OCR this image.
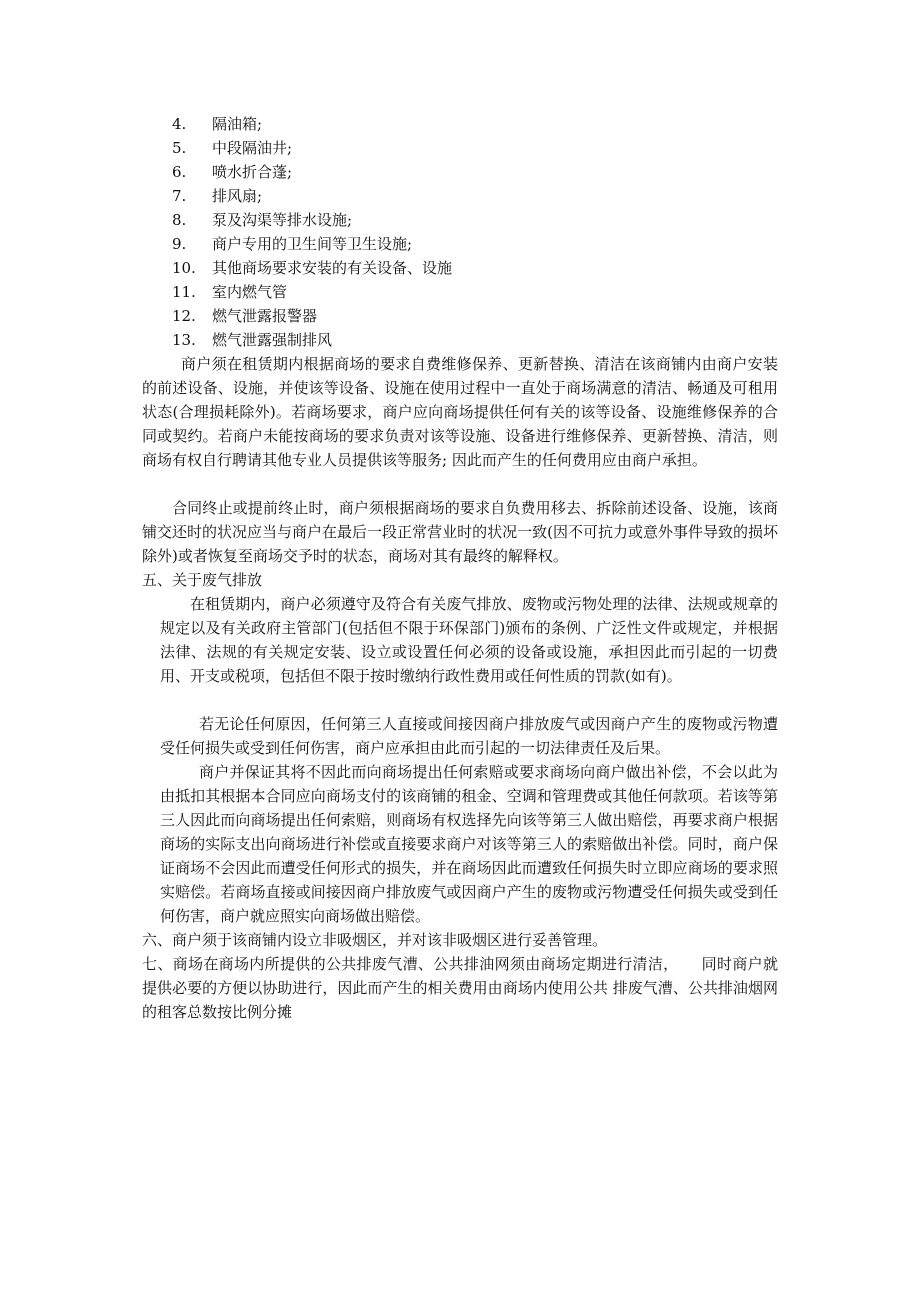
4. 隔油箱;
5. 中段隔油井;
6. 喷水折合蓬;
7. 排风扇;
8. 泵及沟渠等排水设施;
9. 商户专用的卫生间等卫生设施;
10. 其他商场要求安装的有关设备、设施
11. 室内燃气管
12. 燃气泄露报警器
13. 燃气泄露强制排风

商户须在租赁期内根据商场的要求自费维修保养、更新替换、清洁在该商铺内由商户安装的前述设备、设施，并使该等设备、设施在使用过程中一直处于商场满意的清洁、畅通及可租用状态(合理损耗除外)。若商场要求，商户应向商场提供任何有关的该等设备、设施维修保养的合同或契约。若商户未能按商场的要求负责对该等设施、设备进行维修保养、更新替换、清洁，则商场有权自行聘请其他专业人员提供该等服务; 因此而产生的任何费用应由商户承担。

合同终止或提前终止时，商户须根据商场的要求自负费用移去、拆除前述设备、设施，该商铺交还时的状况应当与商户在最后一段正常营业时的状况一致(因不可抗力或意外事件导致的损坏除外)或者恢复至商场交予时的状态，商场对其有最终的解释权。

五、关于废气排放

在租赁期内，商户必须遵守及符合有关废气排放、废物或污物处理的法律、法规或规章的规定以及有关政府主管部门(包括但不限于环保部门)颁布的条例、广泛性文件或规定，并根据法律、法规的有关规定安装、设立或设置任何必须的设备或设施，承担因此而引起的一切费用、开支或税项，包括但不限于按时缴纳行政性费用或任何性质的罚款(如有)。

若无论任何原因，任何第三人直接或间接因商户排放废气或因商户产生的废物或污物遭受任何损失或受到任何伤害，商户应承担由此而引起的一切法律责任及后果。

商户并保证其将不因此而向商场提出任何索赔或要求商场向商户做出补偿，不会以此为由抵扣其根据本合同应向商场支付的该商铺的租金、空调和管理费或其他任何款项。若该等第三人因此而向商场提出任何索赔，则商场有权选择先向该等第三人做出赔偿，再要求商户根据商场的实际支出向商场进行补偿或直接要求商户对该等第三人的索赔做出补偿。同时，商户保证商场不会因此而遭受任何形式的损失，并在商场因此而遭致任何损失时立即应商场的要求照实赔偿。若商场直接或间接因商户排放废气或因商户产生的废物或污物遭受任何损失或受到任何伤害，商户就应照实向商场做出赔偿。

六、商户须于该商铺内设立非吸烟区，并对该非吸烟区进行妥善管理。

七、商场在商场内所提供的公共排废气漕、公共排油网须由商场定期进行清洁，　　同时商户就提供必要的方便以协助进行，因此而产生的相关费用由商场内使用公共 排废气漕、公共排油烟网的租客总数按比例分摊
